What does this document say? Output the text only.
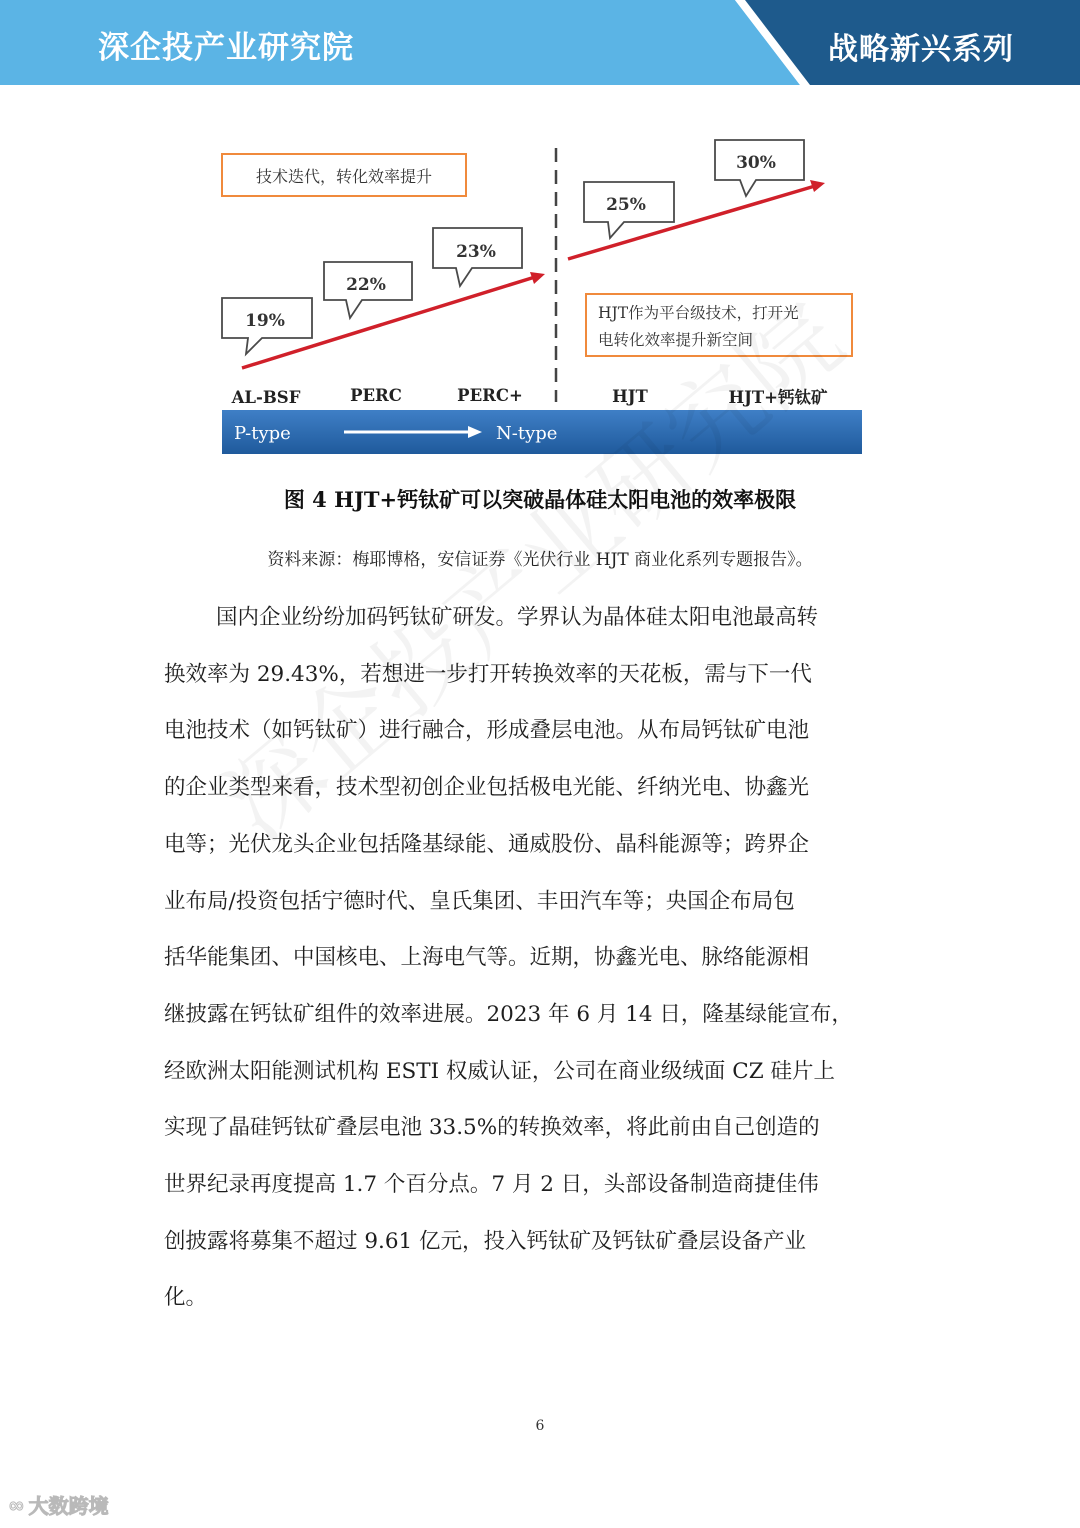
深企投产业研究院	战略新兴系列
技术迭代，转化效率提升
19%
22%
23%
25%
30%
HJT作为平台级技术，打开光
电转化效率提升新空间
AL-BSF	PERC	PERC+	HJT	HJT+钙钛矿
P-type	N-type
图 4 HJT+钙钛矿可以突破晶体硅太阳电池的效率极限
资料来源：梅耶博格，安信证券《光伏行业 HJT 商业化系列专题报告》。
国内企业纷纷加码钙钛矿研发。学界认为晶体硅太阳电池最高转
换效率为 29.43%，若想进一步打开转换效率的天花板，需与下一代
电池技术（如钙钛矿）进行融合，形成叠层电池。从布局钙钛矿电池
的企业类型来看，技术型初创企业包括极电光能、纤纳光电、协鑫光
电等；光伏龙头企业包括隆基绿能、通威股份、晶科能源等；跨界企
业布局/投资包括宁德时代、皇氏集团、丰田汽车等；央国企布局包
括华能集团、中国核电、上海电气等。近期，协鑫光电、脉络能源相
继披露在钙钛矿组件的效率进展。2023 年 6 月 14 日，隆基绿能宣布，
经欧洲太阳能测试机构 ESTI 权威认证，公司在商业级绒面 CZ 硅片上
实现了晶硅钙钛矿叠层电池 33.5%的转换效率，将此前由自己创造的
世界纪录再度提高 1.7 个百分点。7 月 2 日，头部设备制造商捷佳伟
创披露将募集不超过 9.61 亿元，投入钙钛矿及钙钛矿叠层设备产业
化。
6
∞ 大数跨境
